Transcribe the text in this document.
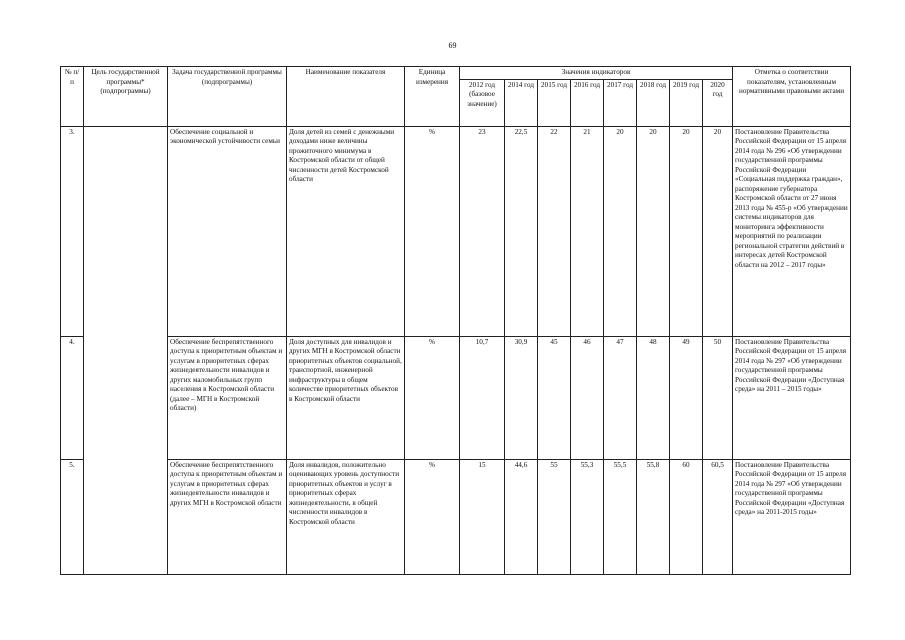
69
№ п/п	Цель государственной программы* (подпрограммы)	Задача государственной программы (подпрограммы)	Наименование показателя	Единица измерения	Значения индикаторов								Отметка о соответствии показателям, установленным нормативными правовыми актами
					2012 год (базовое значение)	2014 год	2015 год	2016 год	2017 год	2018 год	2019 год	2020 год	
3.		Обеспечение социальной и экономической устойчивости семьи	Доля детей из семей с денежными доходами ниже величины прожиточного минимума в Костромской области от общей численности детей Костромской области	%	23	22,5	22	21	20	20	20	20	Постановление Правительства Российской Федерации от 15 апреля 2014 года № 296 «Об утверждении государственной программы Российской Федерации «Социальная поддержка граждан», распоряжение губернатора Костромской области от 27 июня 2013 года № 455-р «Об утверждении системы индикаторов для мониторинга эффективности мероприятий по реализации региональной стратегии действий в интересах детей Костромской области на 2012 – 2017 годы»
4.		Обеспечение беспрепятственного доступа к приоритетным объектам и услугам в приоритетных сферах жизнедеятельности инвалидов и других маломобильных групп населения в Костромской области (далее – МГН в Костромской области)	Доля доступных для инвалидов и других МГН в Костромской области приоритетных объектов социальной, транспортной, инженерной инфраструктуры в общем количестве приоритетных объектов в Костромской области	%	10,7	30,9	45	46	47	48	49	50	Постановление Правительства Российской Федерации от 15 апреля 2014 года № 297 «Об утверждении государственной программы Российской Федерации «Доступная среда» на 2011 – 2015 годы»
5.		Обеспечение беспрепятственного доступа к приоритетным объектам и услугам в приоритетных сферах жизнедеятельности инвалидов и других МГН в Костромской области	Доля инвалидов, положительно оценивающих уровень доступности приоритетных объектов и услуг в приоритетных сферах жизнедеятельности, в общей численности инвалидов в Костромской области	%	15	44,6	55	55,3	55,5	55,8	60	60,5	Постановление Правительства Российской Федерации от 15 апреля 2014 года № 297 «Об утверждении государственной программы Российской Федерации «Доступная среда» на 2011-2015 годы»
